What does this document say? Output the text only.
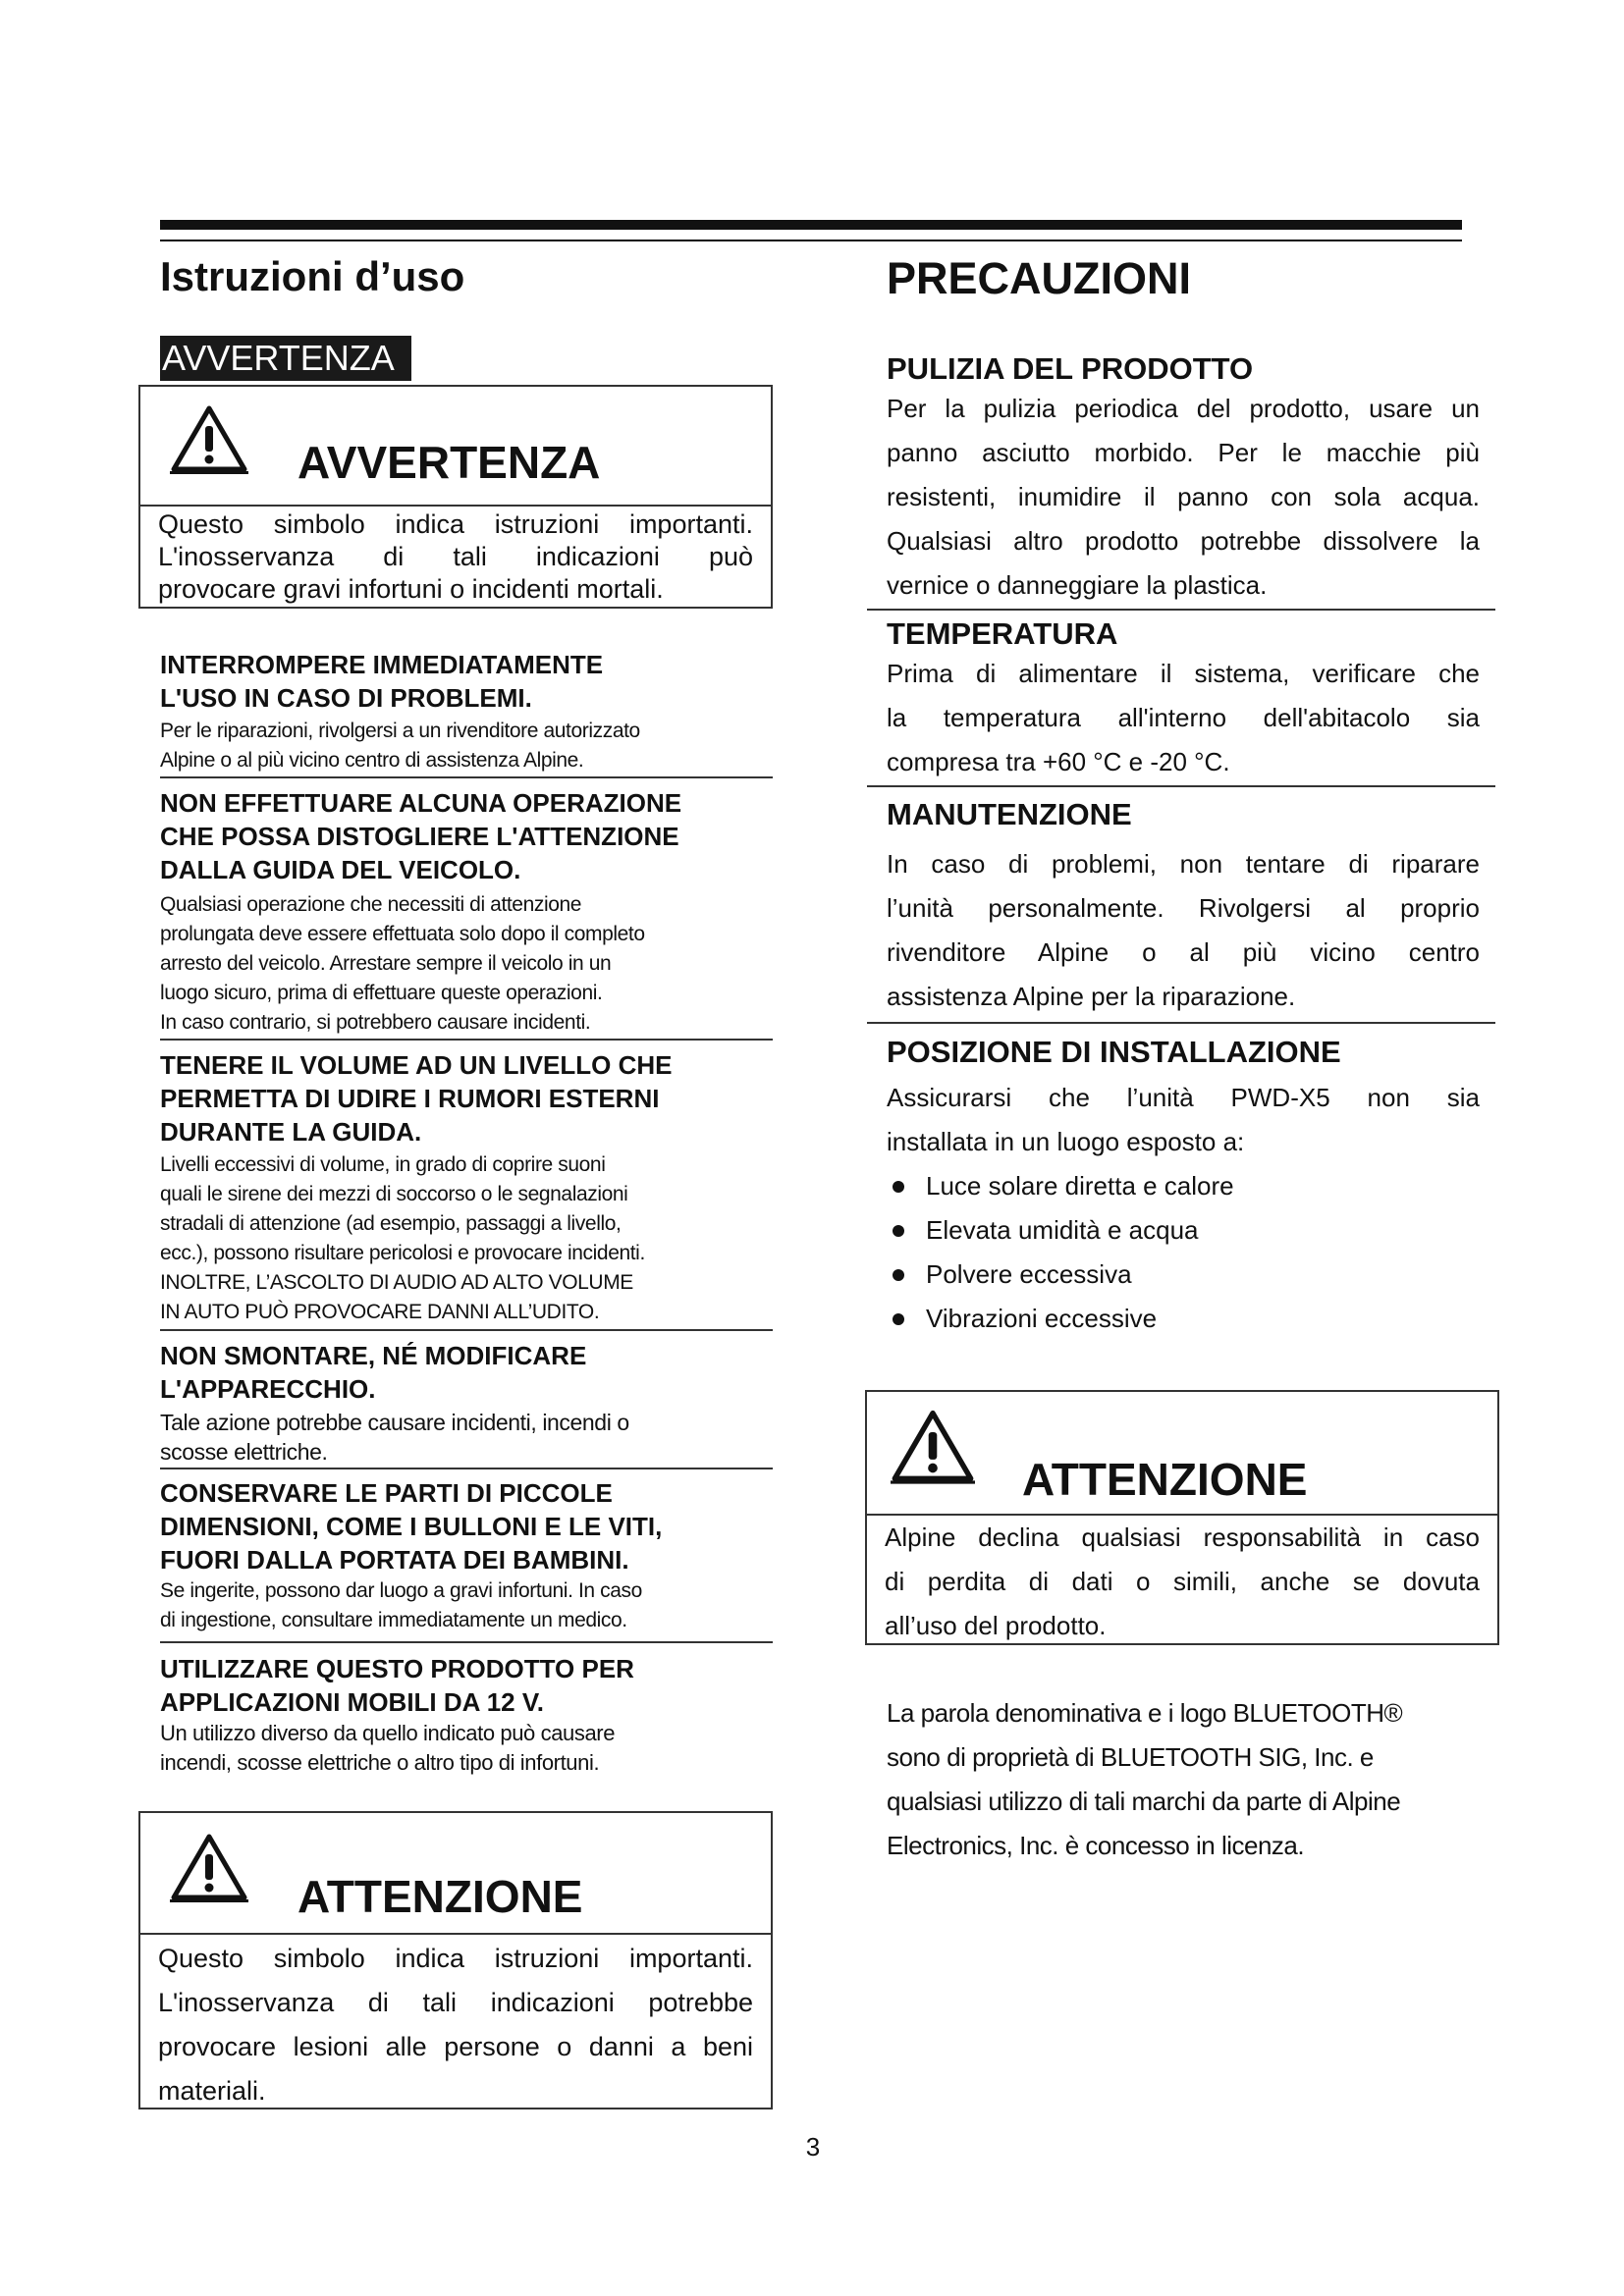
Istruzioni d’uso
AVVERTENZA
AVVERTENZA
Questo simbolo indica istruzioni importanti.
L'inosservanza di tali indicazioni può
provocare gravi infortuni o incidenti mortali.

INTERROMPERE IMMEDIATAMENTE

L'USO IN CASO DI PROBLEMI.

Per le riparazioni, rivolgersi a un rivenditore autorizzato

Alpine o al più vicino centro di assistenza Alpine.

NON EFFETTUARE ALCUNA OPERAZIONE

CHE POSSA DISTOGLIERE L'ATTENZIONE

DALLA GUIDA DEL VEICOLO.

Qualsiasi operazione che necessiti di attenzione

prolungata deve essere effettuata solo dopo il completo

arresto del veicolo. Arrestare sempre il veicolo in un

luogo sicuro, prima di effettuare queste operazioni.

In caso contrario, si potrebbero causare incidenti.

TENERE IL VOLUME AD UN LIVELLO CHE

PERMETTA DI UDIRE I RUMORI ESTERNI

DURANTE LA GUIDA.

Livelli eccessivi di volume, in grado di coprire suoni

quali le sirene dei mezzi di soccorso o le segnalazioni

stradali di attenzione (ad esempio, passaggi a livello,

ecc.), possono risultare pericolosi e provocare incidenti.

INOLTRE, L’ASCOLTO DI AUDIO AD ALTO VOLUME

IN AUTO PUÒ PROVOCARE DANNI ALL’UDITO.

NON SMONTARE, NÉ MODIFICARE

L'APPARECCHIO.

Tale azione potrebbe causare incidenti, incendi o

scosse elettriche.

CONSERVARE LE PARTI DI PICCOLE

DIMENSIONI, COME I BULLONI E LE VITI,

FUORI DALLA PORTATA DEI BAMBINI.

Se ingerite, possono dar luogo a gravi infortuni. In caso

di ingestione, consultare immediatamente un medico.

UTILIZZARE QUESTO PRODOTTO PER

APPLICAZIONI MOBILI DA 12 V.

Un utilizzo diverso da quello indicato può causare

incendi, scosse elettriche o altro tipo di infortuni.

ATTENZIONE
Questo simbolo indica istruzioni importanti.
L'inosservanza di tali indicazioni potrebbe
provocare lesioni alle persone o danni a beni
materiali.
PRECAUZIONI

PULIZIA DEL PRODOTTO

Per la pulizia periodica del prodotto, usare un
panno asciutto morbido. Per le macchie più
resistenti, inumidire il panno con sola acqua.
Qualsiasi altro prodotto potrebbe dissolvere la
vernice o danneggiare la plastica.

TEMPERATURA

Prima di alimentare il sistema, verificare che
la temperatura all'interno dell'abitacolo sia
compresa tra +60 °C e -20 °C.

MANUTENZIONE

In caso di problemi, non tentare di riparare
l’unità personalmente. Rivolgersi al proprio
rivenditore Alpine o al più vicino centro
assistenza Alpine per la riparazione.

POSIZIONE DI INSTALLAZIONE

Assicurarsi che l’unità PWD-X5 non sia
installata in un luogo esposto a:
Luce solare diretta e calore
Elevata umidità e acqua
Polvere eccessiva
Vibrazioni eccessive
ATTENZIONE
Alpine declina qualsiasi responsabilità in caso
di perdita di dati o simili, anche se dovuta
all’uso del prodotto.
La parola denominativa e i logo BLUETOOTH®
sono di proprietà di BLUETOOTH SIG, Inc. e
qualsiasi utilizzo di tali marchi da parte di Alpine
Electronics, Inc. è concesso in licenza.
3
